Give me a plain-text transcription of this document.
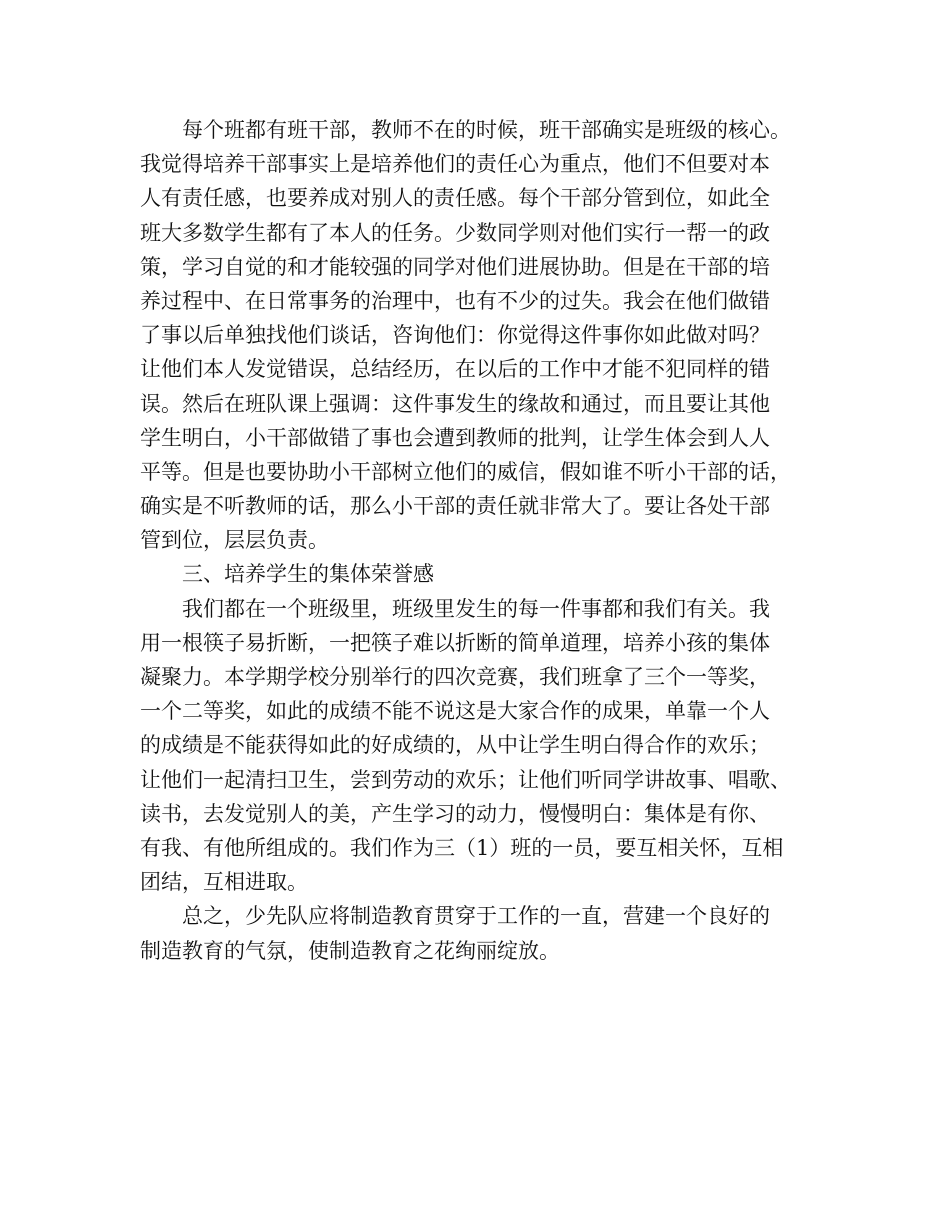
每个班都有班干部，教师不在的时候，班干部确实是班级的核心。
我觉得培养干部事实上是培养他们的责任心为重点，他们不但要对本
人有责任感，也要养成对别人的责任感。每个干部分管到位，如此全
班大多数学生都有了本人的任务。少数同学则对他们实行一帮一的政
策，学习自觉的和才能较强的同学对他们进展协助。但是在干部的培
养过程中、在日常事务的治理中，也有不少的过失。我会在他们做错
了事以后单独找他们谈话，咨询他们：你觉得这件事你如此做对吗？
让他们本人发觉错误，总结经历，在以后的工作中才能不犯同样的错
误。然后在班队课上强调：这件事发生的缘故和通过，而且要让其他
学生明白，小干部做错了事也会遭到教师的批判，让学生体会到人人
平等。但是也要协助小干部树立他们的威信，假如谁不听小干部的话，
确实是不听教师的话，那么小干部的责任就非常大了。要让各处干部
管到位，层层负责。
三、培养学生的集体荣誉感
我们都在一个班级里，班级里发生的每一件事都和我们有关。我
用一根筷子易折断，一把筷子难以折断的简单道理，培养小孩的集体
凝聚力。本学期学校分别举行的四次竞赛，我们班拿了三个一等奖，
一个二等奖，如此的成绩不能不说这是大家合作的成果，单靠一个人
的成绩是不能获得如此的好成绩的，从中让学生明白得合作的欢乐；
让他们一起清扫卫生，尝到劳动的欢乐；让他们听同学讲故事、唱歌、
读书，去发觉别人的美，产生学习的动力，慢慢明白：集体是有你、
有我、有他所组成的。我们作为三（1）班的一员，要互相关怀，互相
团结，互相进取。
总之，少先队应将制造教育贯穿于工作的一直，营建一个良好的
制造教育的气氛，使制造教育之花绚丽绽放。
